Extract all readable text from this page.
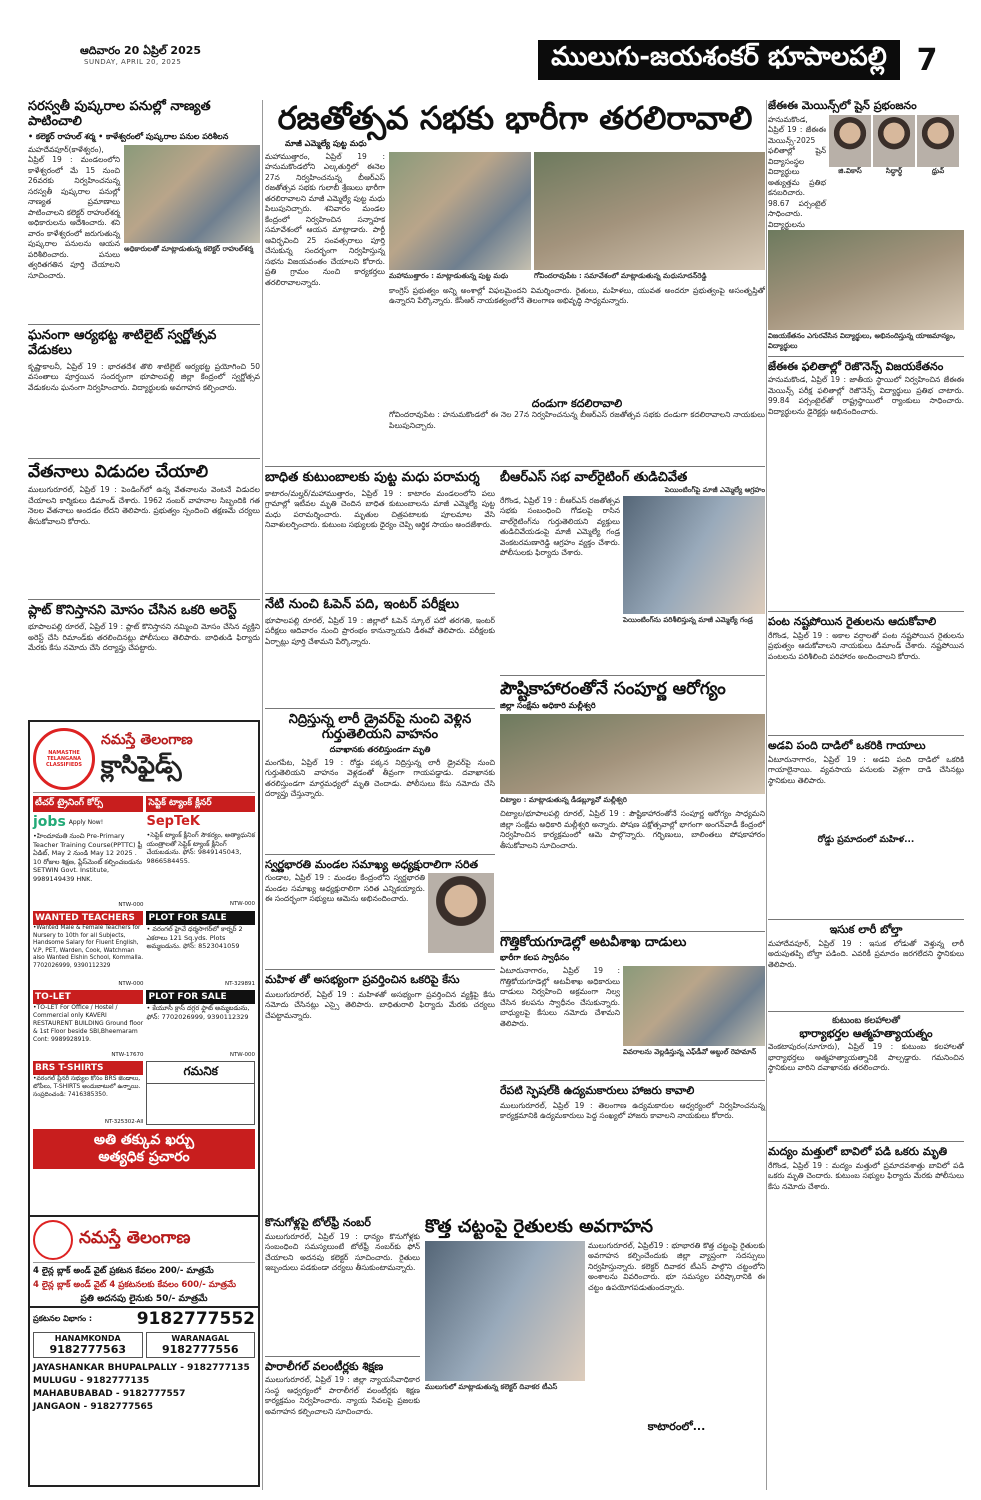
ఆదివారం 20 ఏప్రిల్ 2025
SUNDAY, APRIL 20, 2025	ములుగు-జయశంకర్ భూపాలపల్లి 7
సరస్వతీ పుష్కరాల పనుల్లో నాణ్యత పాటించాలి
• కలెక్టర్ రాహుల్ శర్మ • కాళేశ్వరంలో పుష్కరాల పనుల పరిశీలన
మహదేవపూర్(కాళేశ్వరం), ఏప్రిల్ 19 : మండలంలోని కాళేశ్వరంలో మే 15 నుంచి 26వరకు నిర్వహించనున్న సరస్వతీ పుష్కరాల పనుల్లో నాణ్యత ప్రమాణాలు పాటించాలని కలెక్టర్ రాహుల్‌శర్మ అధికారులను ఆదేశించారు. శని వారం కాళేశ్వరంలో జరుగుతున్న పుష్కరాల పనులను ఆయన పరిశీలించారు. పనులు త్వరితగతిన పూర్తి చేయాలని సూచించారు.
అధికారులతో మాట్లాడుతున్న కలెక్టర్ రాహుల్‌శర్మ
ఘనంగా ఆర్యభట్ట శాటిలైట్ స్వర్ణోత్సవ వేడుకలు
కృష్ణాకాలనీ, ఏప్రిల్ 19 : భారతదేశ తొలి శాటిలైట్ ఆర్యభట్ట ప్రయోగించి 50 వసంతాలు పూర్తయిన సందర్భంగా భూపాలపల్లి జిల్లా కేంద్రంలో స్వర్ణోత్సవ వేడుకలను ఘనంగా నిర్వహించారు. విద్యార్థులకు అవగాహన కల్పించారు.
వేతనాలు విడుదల చేయాలి
ములుగురూరల్, ఏప్రిల్ 19 : పెండింగ్‌లో ఉన్న వేతనాలను వెంటనే విడుదల చేయాలని కార్మికులు డిమాండ్ చేశారు. 1962 నంబర్‌ వాహనాల సిబ్బందికి గత నెలల వేతనాలు అందడం లేదని తెలిపారు. ప్రభుత్వం స్పందించి తక్షణమే చర్యలు తీసుకోవాలని కోరారు.
ప్లాట్ కొనిస్తానని మోసం చేసిన ఒకరి అరెస్ట్
భూపాలపల్లి రూరల్, ఏప్రిల్ 19 : ప్లాట్ కొనిస్తానని నమ్మించి మోసం చేసిన వ్యక్తిని అరెస్ట్ చేసి రిమాండ్‌కు తరలించినట్లు పోలీసులు తెలిపారు. బాధితుడి ఫిర్యాదు మేరకు కేసు నమోదు చేసి దర్యాప్తు చేపట్టారు.
NAMASTHE TELANGANA CLASSIFIEDS
నమస్తే తెలంగాణ
క్లాసిఫైడ్స్
టీచర్ ట్రైనింగ్ కోర్స్
jobs Apply Now!
•హిందూమతి నుంచి Pre-Primary Teacher Training Course(PPTTC) ఫ్రీ ఏడిట్, May 2 నుండి May 12 2025 . 10 రోజుల శిక్షణ, ప్లేస్‌మెంట్ కల్పించబడును SETWIN Govt. Institute, 9989149439 HNK.
NTW-000
సెప్టిక్ ట్యాంక్ క్లీనర్
SepTeK
•సెప్టిక్ ట్యాంక్ క్లీనింగ్ సౌకర్యం, అత్యాధునిక యంత్రాలతో సెప్టిక్ ట్యాంక్ క్లీనింగ్ చేయబడును. ఫోన్: 9849145043, 9866584455.
NTW-000
WANTED TEACHERS
•Wanted Male & Female Teachers for Nursery to 10th for all Subjects, Handsome Salary for Fluent English, V.P, PET, Warden, Cook, Watchman also Wanted Elshin School, Kommalla. 7702026999, 9390112329
NTW-000
PLOT FOR SALE
• వరంగల్ హైవే ధర్మసాగర్‌లో కార్నర్ 2 ఎకరాలు 121 Sq.yds. Plots అమ్మబడును. ఫోన్: 8523041059
NT-329891
TO-LET
•TO-LET For Office / Hostel / Commercial only KAVERI RESTAURENT BUILDING Ground floor & 1st Floor beside SBI,Bheemaram Cont: 9989928919.
NTW-17670
PLOT FOR SALE
• కేయూసీ క్రాస్ దగ్గర ఫ్లాట్ అమ్మబడును, ఫోన్: 7702026999, 9390112329
NTW-000
BRS T-SHIRTS
•వరంగల్ ప్లీనరీ సభ్యుల కోసం BRS జెండాలు, టోపీలు, T-SHIRTS అందుబాటులో ఉన్నాయి. సంప్రదించండి: 7416385350.
NT-325302-All
గమనిక
అతి తక్కువ ఖర్చు
అత్యధిక ప్రచారం
నమస్తే తెలంగాణ
4 లైన్ల బ్లాక్ అండ్ వైట్ ప్రకటన కేవలం 200/- మాత్రమే
4 లైన్ల బ్లాక్ అండ్ వైట్ 4 ప్రకటనలకు కేవలం 600/- మాత్రమే
ప్రతి అదనపు లైనుకు 50/- మాత్రమే
ప్రకటనల విభాగం :	9182777552
HANAMKONDA
9182777563
WARANAGAL
9182777556
JAYASHANKAR BHUPALPALLY - 9182777135
MULUGU - 9182777135
MAHABUBABAD - 9182777557
JANGAON - 9182777565
రజతోత్సవ సభకు భారీగా తరలిరావాలి
మాజీ ఎమ్మెల్యే పుట్ట మధు
మహాముత్తారం, ఏప్రిల్ 19 : హనుమకొండలోని ఎల్కతుర్తిలో ఈనెల 27న నిర్వహించనున్న బీఆర్‌ఎస్ రజతోత్సవ సభకు గులాబీ శ్రేణులు భారీగా తరలిరావాలని మాజీ ఎమ్మెల్యే పుట్ట మధు పిలుపునిచ్చారు. శనివారం మండల కేంద్రంలో నిర్వహించిన సన్నాహక సమావేశంలో ఆయన మాట్లాడారు. పార్టీ ఆవిర్భవించి 25 సంవత్సరాలు పూర్తి చేసుకున్న సందర్భంగా నిర్వహిస్తున్న సభను విజయవంతం చేయాలని కోరారు. ప్రతి గ్రామం నుంచి కార్యకర్తలు తరలిరావాలన్నారు.
మహాముత్తారం : మాట్లాడుతున్న పుట్ట మధు	గోవిందరావుపేట : సమావేశంలో మాట్లాడుతున్న మధుసూదన్‌రెడ్డి
కాంగ్రెస్ ప్రభుత్వం అన్ని అంశాల్లో విఫలమైందని విమర్శించారు. రైతులు, మహిళలు, యువత అందరూ ప్రభుత్వంపై అసంతృప్తితో ఉన్నారని పేర్కొన్నారు. కేసీఆర్ నాయకత్వంలోనే తెలంగాణ అభివృద్ధి సాధ్యమన్నారు.
దండుగా కదలిరావాలి
గోవిందరావుపేట : హనుమకొండలో ఈ నెల 27న నిర్వహించనున్న బీఆర్‌ఎస్ రజతోత్సవ సభకు దండుగా కదలిరావాలని నాయకులు పిలుపునిచ్చారు.
బాధిత కుటుంబాలకు పుట్ట మధు పరామర్శ
కాటారం/మల్హర్/మహాముత్తారం, ఏప్రిల్ 19 : కాటారం మండలంలోని పలు గ్రామాల్లో ఇటీవల మృతి చెందిన బాధిత కుటుంబాలను మాజీ ఎమ్మెల్యే పుట్ట మధు పరామర్శించారు. మృతుల చిత్రపటాలకు పూలమాల వేసి నివాళులర్పించారు. కుటుంబ సభ్యులకు ధైర్యం చెప్పి ఆర్థిక సాయం అందజేశారు.
నేటి నుంచి ఓపెన్ పది, ఇంటర్ పరీక్షలు
భూపాలపల్లి రూరల్, ఏప్రిల్ 19 : జిల్లాలో ఓపెన్ స్కూల్ పదో తరగతి, ఇంటర్ పరీక్షలు ఆదివారం నుంచి ప్రారంభం కానున్నాయని డీఈవో తెలిపారు. పరీక్షలకు ఏర్పాట్లు పూర్తి చేశామని పేర్కొన్నారు.
నిద్రిస్తున్న లారీ డ్రైవర్‌పై నుంచి వెళ్లిన గుర్తుతెలియని వాహనం
దవాఖానకు తరలిస్తుండగా మృతి
మంగపేట, ఏప్రిల్ 19 : రోడ్డు పక్కన నిద్రిస్తున్న లారీ డ్రైవర్‌పై నుంచి గుర్తుతెలియని వాహనం వెళ్లడంతో తీవ్రంగా గాయపడ్డాడు. దవాఖానకు తరలిస్తుండగా మార్గమధ్యలో మృతి చెందాడు. పోలీసులు కేసు నమోదు చేసి దర్యాప్తు చేస్తున్నారు.
స్వర్ణభారతి మండల సమాఖ్య అధ్యక్షురాలిగా సరిత
గుండాల, ఏప్రిల్ 19 : మండల కేంద్రంలోని స్వర్ణభారతి మండల సమాఖ్య అధ్యక్షురాలిగా సరిత ఎన్నికయ్యారు. ఈ సందర్భంగా సభ్యులు ఆమెను అభినందించారు.
మహిళ తో అసభ్యంగా ప్రవర్తించిన ఒకరిపై కేసు
ములుగురూరల్, ఏప్రిల్ 19 : మహిళతో అసభ్యంగా ప్రవర్తించిన వ్యక్తిపై కేసు నమోదు చేసినట్లు ఎస్సై తెలిపారు. బాధితురాలి ఫిర్యాదు మేరకు చర్యలు చేపట్టామన్నారు.
బీఆర్‌ఎస్ సభ వాల్‌రైటింగ్ తుడిచివేత
పెయింటింగ్‌పై మాజీ ఎమ్మెల్యే ఆగ్రహం
రేగొండ, ఏప్రిల్ 19 : బీఆర్‌ఎస్ రజతోత్సవ సభకు సంబంధించి గోడలపై రాసిన వాల్‌రైటింగ్‌ను గుర్తుతెలియని వ్యక్తులు తుడిచివేయడంపై మాజీ ఎమ్మెల్యే గండ్ర వెంకటరమణారెడ్డి ఆగ్రహం వ్యక్తం చేశారు. పోలీసులకు ఫిర్యాదు చేశారు.
పెయింటింగ్‌ను పరిశీలిస్తున్న మాజీ ఎమ్మెల్యే గండ్ర
పౌష్టికాహారంతోనే సంపూర్ణ ఆరోగ్యం
జిల్లా సంక్షేమ అధికారి మల్లీశ్వరి
చిట్యాల : మాట్లాడుతున్న డీడబ్ల్యూవో మల్లీశ్వరి
చిట్యాల/భూపాలపల్లి రూరల్, ఏప్రిల్ 19 : పౌష్టికాహారంతోనే సంపూర్ణ ఆరోగ్యం సాధ్యమని జిల్లా సంక్షేమ అధికారి మల్లీశ్వరి అన్నారు. పోషణ పక్షోత్సవాల్లో భాగంగా అంగన్‌వాడీ కేంద్రంలో నిర్వహించిన కార్యక్రమంలో ఆమె పాల్గొన్నారు. గర్భిణులు, బాలింతలు పోషకాహారం తీసుకోవాలని సూచించారు.
గొత్తికోయగూడెల్లో అటవీశాఖ దాడులు
భారీగా కలప స్వాధీనం
ఏటూరునాగారం, ఏప్రిల్ 19 : గొత్తికోయగూడెల్లో అటవీశాఖ అధికారులు దాడులు నిర్వహించి అక్రమంగా నిల్వ చేసిన కలపను స్వాధీనం చేసుకున్నారు. బాధ్యులపై కేసులు నమోదు చేశామని తెలిపారు.
వివరాలను వెల్లడిస్తున్న ఎఫ్‌డీవో అబ్దుల్ రెహమాన్
రేపటి స్ఫెషల్‌కి ఉద్యమకారులు హాజరు కావాలి
ములుగురూరల్, ఏప్రిల్ 19 : తెలంగాణ ఉద్యమకారుల ఆధ్వర్యంలో నిర్వహించనున్న కార్యక్రమానికి ఉద్యమకారులు పెద్ద సంఖ్యలో హాజరు కావాలని నాయకులు కోరారు.
కొనుగోళ్లపై టోల్‌ఫ్రీ నంబర్
ములుగురూరల్, ఏప్రిల్ 19 : ధాన్యం కొనుగోళ్లకు సంబంధించి సమస్యలుంటే టోల్‌ఫ్రీ నంబర్‌కు ఫోన్ చేయాలని అదనపు కలెక్టర్ సూచించారు. రైతులు ఇబ్బందులు పడకుండా చర్యలు తీసుకుంటామన్నారు.
పారాలీగల్ వలంటీర్లకు శిక్షణ
ములుగురూరల్, ఏప్రిల్ 19 : జిల్లా న్యాయసేవాధికార సంస్థ ఆధ్వర్యంలో పారాలీగల్ వలంటీర్లకు శిక్షణ కార్యక్రమం నిర్వహించారు. న్యాయ సేవలపై ప్రజలకు అవగాహన కల్పించాలని సూచించారు.
కొత్త చట్టంపై రైతులకు అవగాహన
ములుగులో మాట్లాడుతున్న కలెక్టర్ దివాకర టీఎస్
ములుగురూరల్, ఏప్రిల్19 : భూభారతి కొత్త చట్టంపై రైతులకు అవగాహన కల్పించేందుకు జిల్లా వ్యాప్తంగా సదస్సులు నిర్వహిస్తున్నారు. కలెక్టర్ దివాకర టీఎస్ పాల్గొని చట్టంలోని అంశాలను వివరించారు. భూ సమస్యల పరిష్కారానికి ఈ చట్టం ఉపయోగపడుతుందన్నారు.
కాటారంలో...
జేఈఈ మెయిన్స్‌లో షైన్ ప్రభంజనం
హనుమకొండ, ఏప్రిల్ 19 : జేఈఈ మెయిన్స్-2025 ఫలితాల్లో షైన్ విద్యాసంస్థల విద్యార్థులు అత్యుత్తమ ప్రతిభ కనబరిచారు. 98.67 పర్సంటైల్ సాధించారు. విద్యార్థులను
జి.వికాస్	సిద్ధార్థ్	ధ్రువ్
విజయకేతనం ఎగురవేసిన విద్యార్థులు, అభినందిస్తున్న యాజమాన్యం, విద్యార్థులు
జేఈఈ ఫలితాల్లో రెజొనెన్స్ విజయకేతనం
హనుమకొండ, ఏప్రిల్ 19 : జాతీయ స్థాయిలో నిర్వహించిన జేఈఈ మెయిన్స్ పరీక్ష ఫలితాల్లో రెజొనెన్స్ విద్యార్థులు ప్రతిభ చాటారు. 99.84 పర్సంటైల్‌తో రాష్ట్రస్థాయిలో ర్యాంకులు సాధించారు. విద్యార్థులను డైరెక్టర్లు అభినందించారు.
పంట నష్టపోయిన రైతులను ఆదుకోవాలి
రేగొండ, ఏప్రిల్ 19 : అకాల వర్షాలతో పంట నష్టపోయిన రైతులను ప్రభుత్వం ఆదుకోవాలని నాయకులు డిమాండ్ చేశారు. నష్టపోయిన పంటలను పరిశీలించి పరిహారం అందించాలని కోరారు.
అడవి పంది దాడిలో ఒకరికి గాయాలు
ఏటూరునాగారం, ఏప్రిల్ 19 : అడవి పంది దాడిలో ఒకరికి గాయాలైనాయి. వ్యవసాయ పనులకు వెళ్లగా దాడి చేసినట్లు స్థానికులు తెలిపారు.
రోడ్డు ప్రమాదంలో మహిళ...
ఇసుక లారీ బోల్తా
మహాదేవపూర్, ఏప్రిల్ 19 : ఇసుక లోడుతో వెళ్తున్న లారీ అదుపుతప్పి బోల్తా పడింది. ఎవరికీ ప్రమాదం జరగలేదని స్థానికులు తెలిపారు.
కుటుంబ కలహాలతో
భార్యాభర్తల ఆత్మహత్యాయత్నం
వెంకటాపురం(నూగూరు), ఏప్రిల్ 19 : కుటుంబ కలహాలతో భార్యాభర్తలు ఆత్మహత్యాయత్నానికి పాల్పడ్డారు. గమనించిన స్థానికులు వారిని దవాఖానకు తరలించారు.
మద్యం మత్తులో బావిలో పడి ఒకరు మృతి
రేగొండ, ఏప్రిల్ 19 : మద్యం మత్తులో ప్రమాదవశాత్తు బావిలో పడి ఒకరు మృతి చెందారు. కుటుంబ సభ్యుల ఫిర్యాదు మేరకు పోలీసులు కేసు నమోదు చేశారు.
